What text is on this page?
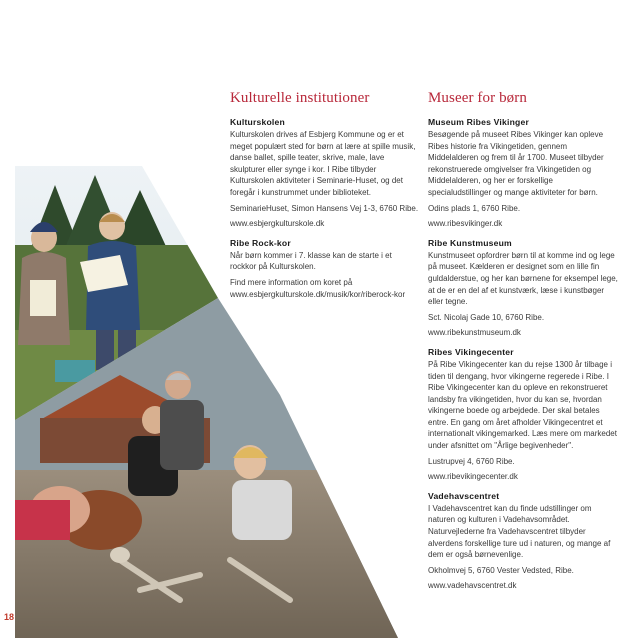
Kulturelle institutioner
Kulturskolen

Kulturskolen drives af Esbjerg Kommune og er et meget populært sted for børn at lære at spille musik, danse ballet, spille teater, skrive, male, lave skulpturer eller synge i kor. I Ribe tilbyder Kulturskolen aktiviteter i Seminarie-Huset, og det foregår i kunstrummet under biblioteket.

SeminarieHuset, Simon Hansens Vej 1-3, 6760 Ribe.

www.esbjergkulturskole.dk

Ribe Rock-kor

Når børn kommer i 7. klasse kan de starte i et rockkor på Kulturskolen.

Find mere information om koret på www.esbjergkulturskole.dk/musik/kor/riberock-kor

Museer for børn
Museum Ribes Vikinger

Besøgende på museet Ribes Vikinger kan opleve Ribes historie fra Vikingetiden, gennem Middelalderen og frem til år 1700. Museet tilbyder rekonstruerede omgivelser fra Vikingetiden og Middelalderen, og her er forskellige specialudstillinger og mange aktiviteter for børn.

Odins plads 1, 6760 Ribe.

www.ribesvikinger.dk

Ribe Kunstmuseum

Kunstmuseet opfordrer børn til at komme ind og lege på museet. Kælderen er designet som en lille fin guldalderstue, og her kan børnene for eksempel lege, at de er en del af et kunstværk, læse i kunstbøger eller tegne.

Sct. Nicolaj Gade 10, 6760 Ribe.

www.ribekunstmuseum.dk

Ribes Vikingecenter

På Ribe Vikingecenter kan du rejse 1300 år tilbage i tiden til dengang, hvor vikingerne regerede i Ribe. I Ribe Vikingecenter kan du opleve en rekonstrueret landsby fra vikingetiden, hvor du kan se, hvordan vikingerne boede og arbejdede. Der skal betales entre. En gang om året afholder Vikingecentret et internationalt vikingemarked. Læs mere om markedet under afsnittet om "Årlige begivenheder".

Lustrupvej 4, 6760 Ribe.

www.ribevikingecenter.dk

Vadehavscentret

I Vadehavscentret kan du finde udstillinger om naturen og kulturen i Vadehavsområdet. Naturvejlederne fra Vadehavscentret tilbyder alverdens forskellige ture ud i naturen, og mange af dem er også børnevenlige.

Okholmvej 5, 6760 Vester Vedsted, Ribe.

www.vadehavscentret.dk

18
